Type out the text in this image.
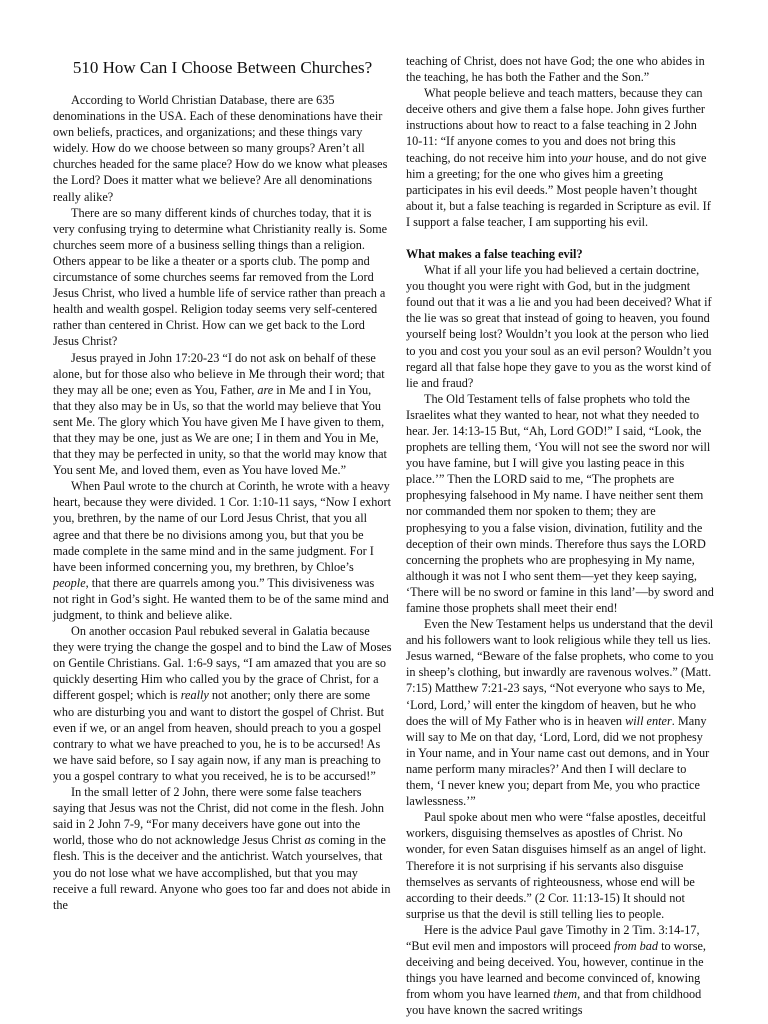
510 How Can I Choose Between Churches?

According to World Christian Database, there are 635 denominations in the USA. Each of these denominations have their own beliefs, practices, and organizations; and these things vary widely. How do we choose between so many groups? Aren’t all churches headed for the same place? How do we know what pleases the Lord? Does it matter what we believe? Are all denominations really alike?

There are so many different kinds of churches today, that it is very confusing trying to determine what Christianity really is. Some churches seem more of a business selling things than a religion. Others appear to be like a theater or a sports club. The pomp and circumstance of some churches seems far removed from the Lord Jesus Christ, who lived a humble life of service rather than preach a health and wealth gospel. Religion today seems very self-centered rather than centered in Christ. How can we get back to the Lord Jesus Christ?

Jesus prayed in John 17:20-23 “I do not ask on behalf of these alone, but for those also who believe in Me through their word; that they may all be one; even as You, Father, are in Me and I in You, that they also may be in Us, so that the world may believe that You sent Me. The glory which You have given Me I have given to them, that they may be one, just as We are one; I in them and You in Me, that they may be perfected in unity, so that the world may know that You sent Me, and loved them, even as You have loved Me.”

When Paul wrote to the church at Corinth, he wrote with a heavy heart, because they were divided. 1 Cor. 1:10-11 says, “Now I exhort you, brethren, by the name of our Lord Jesus Christ, that you all agree and that there be no divisions among you, but that you be made complete in the same mind and in the same judgment. For I have been informed concerning you, my brethren, by Chloe’s people, that there are quarrels among you.” This divisiveness was not right in God’s sight. He wanted them to be of the same mind and judgment, to think and believe alike.

On another occasion Paul rebuked several in Galatia because they were trying the change the gospel and to bind the Law of Moses on Gentile Christians. Gal. 1:6-9 says, “I am amazed that you are so quickly deserting Him who called you by the grace of Christ, for a different gospel; which is really not another; only there are some who are disturbing you and want to distort the gospel of Christ. But even if we, or an angel from heaven, should preach to you a gospel contrary to what we have preached to you, he is to be accursed! As we have said before, so I say again now, if any man is preaching to you a gospel contrary to what you received, he is to be accursed!”

In the small letter of 2 John, there were some false teachers saying that Jesus was not the Christ, did not come in the flesh. John said in 2 John 7-9, “For many deceivers have gone out into the world, those who do not acknowledge Jesus Christ as coming in the flesh. This is the deceiver and the antichrist. Watch yourselves, that you do not lose what we have accomplished, but that you may receive a full reward. Anyone who goes too far and does not abide in the

teaching of Christ, does not have God; the one who abides in the teaching, he has both the Father and the Son.”

What people believe and teach matters, because they can deceive others and give them a false hope. John gives further instructions about how to react to a false teaching in 2 John 10-11: “If anyone comes to you and does not bring this teaching, do not receive him into your house, and do not give him a greeting; for the one who gives him a greeting participates in his evil deeds.” Most people haven’t thought about it, but a false teaching is regarded in Scripture as evil. If I support a false teacher, I am supporting his evil.

What makes a false teaching evil?

What if all your life you had believed a certain doctrine, you thought you were right with God, but in the judgment found out that it was a lie and you had been deceived? What if the lie was so great that instead of going to heaven, you found yourself being lost? Wouldn’t you look at the person who lied to you and cost you your soul as an evil person? Wouldn’t you regard all that false hope they gave to you as the worst kind of lie and fraud?

The Old Testament tells of false prophets who told the Israelites what they wanted to hear, not what they needed to hear. Jer. 14:13-15 But, “Ah, Lord GOD!” I said, “Look, the prophets are telling them, ‘You will not see the sword nor will you have famine, but I will give you lasting peace in this place.’” Then the LORD said to me, “The prophets are prophesying falsehood in My name. I have neither sent them nor commanded them nor spoken to them; they are prophesying to you a false vision, divination, futility and the deception of their own minds. Therefore thus says the LORD concerning the prophets who are prophesying in My name, although it was not I who sent them—yet they keep saying, ‘There will be no sword or famine in this land’—by sword and famine those prophets shall meet their end!

Even the New Testament helps us understand that the devil and his followers want to look religious while they tell us lies. Jesus warned, “Beware of the false prophets, who come to you in sheep’s clothing, but inwardly are ravenous wolves.” (Matt. 7:15) Matthew 7:21-23 says, “Not everyone who says to Me, ‘Lord, Lord,’ will enter the kingdom of heaven, but he who does the will of My Father who is in heaven will enter. Many will say to Me on that day, ‘Lord, Lord, did we not prophesy in Your name, and in Your name cast out demons, and in Your name perform many miracles?’ And then I will declare to them, ‘I never knew you; depart from Me, you who practice lawlessness.’”

Paul spoke about men who were “false apostles, deceitful workers, disguising themselves as apostles of Christ. No wonder, for even Satan disguises himself as an angel of light. Therefore it is not surprising if his servants also disguise themselves as servants of righteousness, whose end will be according to their deeds.” (2 Cor. 11:13-15) It should not surprise us that the devil is still telling lies to people.

Here is the advice Paul gave Timothy in 2 Tim. 3:14-17, “But evil men and impostors will proceed from bad to worse, deceiving and being deceived. You, however, continue in the things you have learned and become convinced of, knowing from whom you have learned them, and that from childhood you have known the sacred writings
